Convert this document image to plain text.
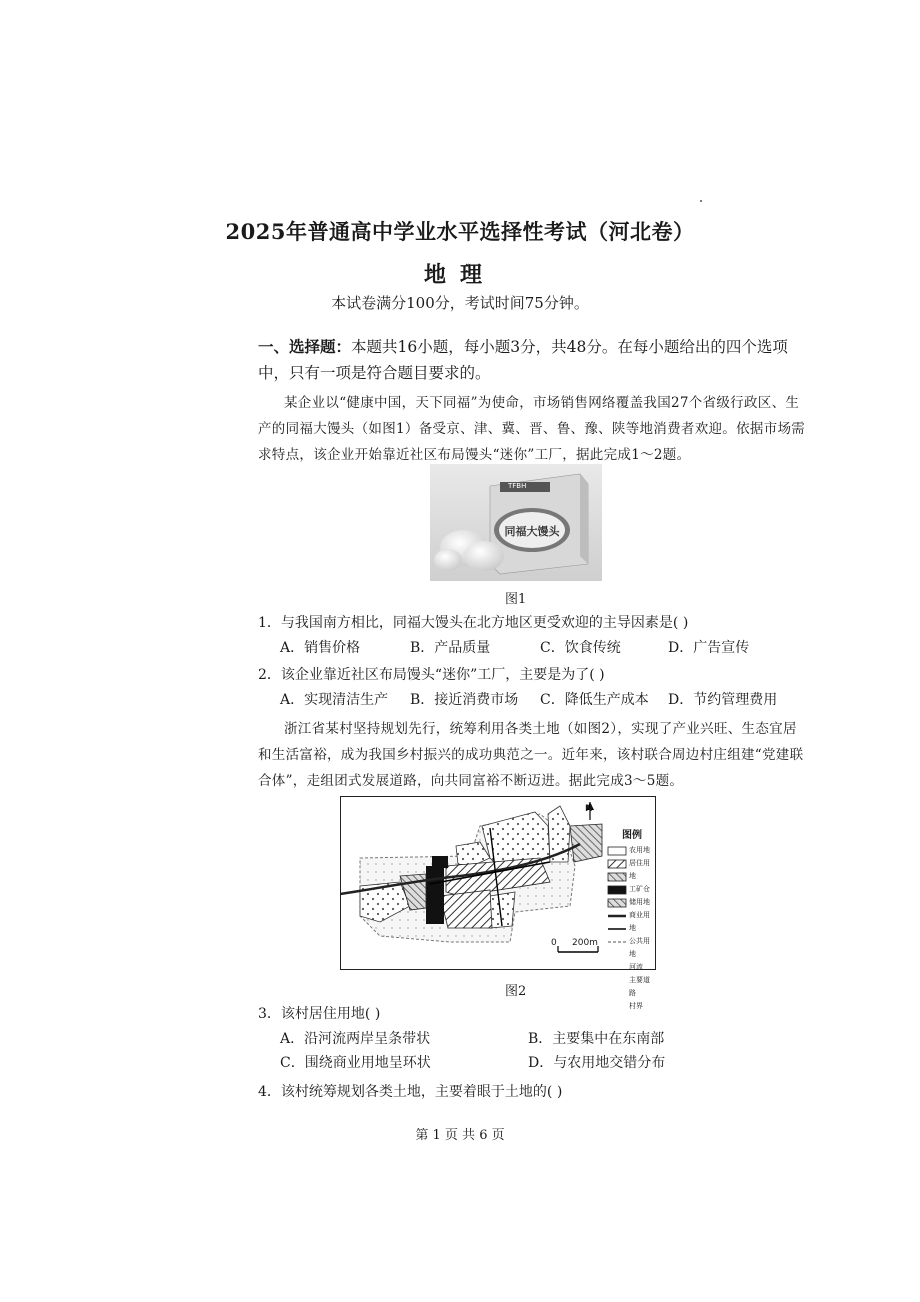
2025年普通高中学业水平选择性考试（河北卷）
地理
本试卷满分100分，考试时间75分钟。
一、选择题：本题共16小题，每小题3分，共48分。在每小题给出的四个选项
中，只有一项是符合题目要求的。
某企业以“健康中国，天下同福”为使命，市场销售网络覆盖我国27个省级行政区、生
产的同福大馒头（如图1）备受京、津、冀、晋、鲁、豫、陕等地消费者欢迎。依据市场需
求特点，该企业开始靠近社区布局馒头“迷你”工厂，据此完成1～2题。
TFBH
同福大馒头
图1
1．与我国南方相比，同福大馒头在北方地区更受欢迎的主导因素是( )
A．销售价格	B．产品质量	C．饮食传统	D．广告宣传
2．该企业靠近社区布局馒头“迷你”工厂，主要是为了( )
A．实现清洁生产 B．接近消费市场 C．降低生产成本 D．节约管理费用
浙江省某村坚持规划先行，统筹利用各类土地（如图2），实现了产业兴旺、生态宜居
和生活富裕，成为我国乡村振兴的成功典范之一。近年来，该村联合周边村庄组建“党建联
合体”，走组团式发展道路，向共同富裕不断迈进。据此完成3～5题。
N
图例
农用地
居住用地
工矿仓储用地
商业用地
公共用地
河流
主要道路
村界
0 200m
图2
3．该村居住用地( )
A．沿河流两岸呈条带状	B．主要集中在东南部
C．围绕商业用地呈环状	D．与农用地交错分布
4．该村统筹规划各类土地，主要着眼于土地的( )
第 1 页 共 6 页
